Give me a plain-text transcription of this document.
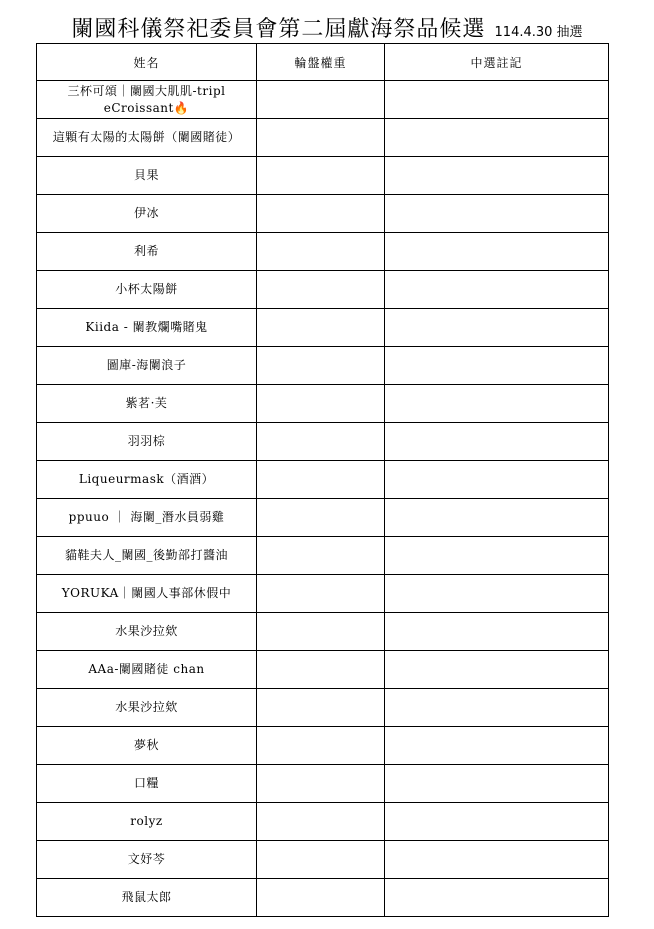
闌國科儀祭祀委員會第二屆獻海祭品候選 114.4.30 抽選
姓名	輪盤權重	中選註記
三杯可頌｜闌國大肌肌-tripleCroissant🔥		
這顆有太陽的太陽餅（闌國賭徒）		
貝果		
伊冰		
利希		
小杯太陽餅		
Kiida - 闌教爛嘴賭鬼		
圖庫-海闌浪子		
紫茗·芙		
羽羽棕		
Liqueurmask（酒酒）		
ppuuo ｜ 海闌_潛水員弱雞		
貓鞋夫人_闌國_後勤部打醬油		
YORUKA｜闌國人事部休假中		
水果沙拉欸		
AAa-闌國賭徒 chan		
水果沙拉欸		
夢秋		
口糧		
rolyz		
文妤芩		
飛鼠太郎		
